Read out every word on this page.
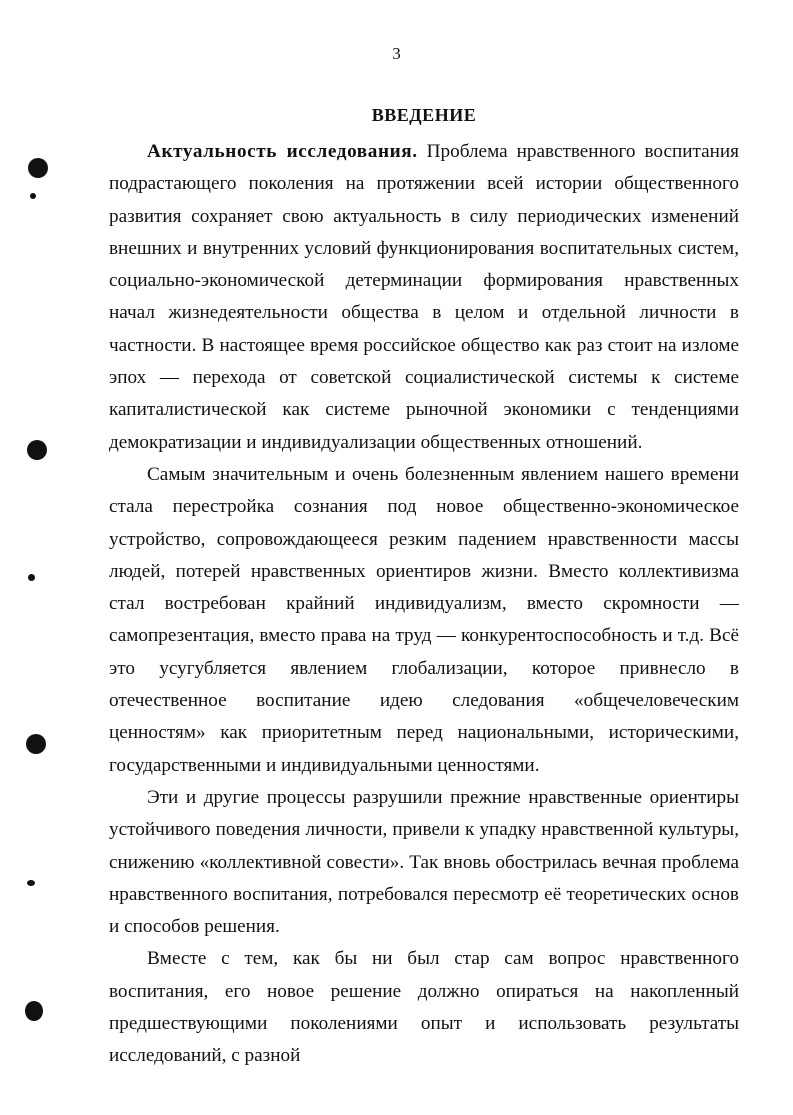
3
ВВЕДЕНИЕ

Актуальность исследования. Проблема нравственного воспитания подрастающего поколения на протяжении всей истории общественного развития сохраняет свою актуальность в силу периодических изменений внешних и внутренних условий функционирования воспитательных систем, социально-экономической детерминации формирования нравственных начал жизнедеятельности общества в целом и отдельной личности в частности. В настоящее время российское общество как раз стоит на изломе эпох — перехода от советской социалистической системы к системе капиталистической как системе рыночной экономики с тенденциями демократизации и индивидуализации общественных отношений.

Самым значительным и очень болезненным явлением нашего времени стала перестройка сознания под новое общественно-экономическое устройство, сопровождающееся резким падением нравственности массы людей, потерей нравственных ориентиров жизни. Вместо коллективизма стал востребован крайний индивидуализм, вместо скромности — самопрезентация, вместо права на труд — конкурентоспособность и т.д. Всё это усугубляется явлением глобализации, которое привнесло в отечественное воспитание идею следования «общечеловеческим ценностям» как приоритетным перед национальными, историческими, государственными и индивидуальными ценностями.

Эти и другие процессы разрушили прежние нравственные ориентиры устойчивого поведения личности, привели к упадку нравственной культуры, снижению «коллективной совести». Так вновь обострилась вечная проблема нравственного воспитания, потребовался пересмотр её теоретических основ и способов решения.

Вместе с тем, как бы ни был стар сам вопрос нравственного воспитания, его новое решение должно опираться на накопленный предшествующими поколениями опыт и использовать результаты исследований, с разной
